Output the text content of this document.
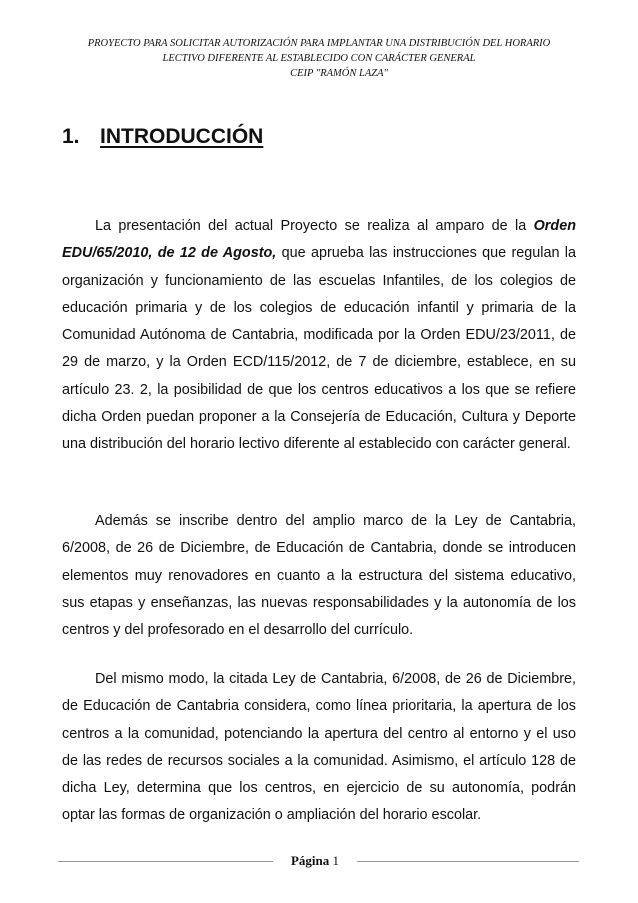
PROYECTO PARA SOLICITAR AUTORIZACIÓN PARA IMPLANTAR UNA DISTRIBUCIÓN DEL HORARIO
LECTIVO DIFERENTE AL ESTABLECIDO CON CARÁCTER GENERAL
CEIP "RAMÓN LAZA"
1. INTRODUCCIÓN

La presentación del actual Proyecto se realiza al amparo de la Orden EDU/65/2010, de 12 de Agosto, que aprueba las instrucciones que regulan la organización y funcionamiento de las escuelas Infantiles, de los colegios de educación primaria y de los colegios de educación infantil y primaria de la Comunidad Autónoma de Cantabria, modificada por la Orden EDU/23/2011, de 29 de marzo, y la Orden ECD/115/2012, de 7 de diciembre, establece, en su artículo 23. 2, la posibilidad de que los centros educativos a los que se refiere dicha Orden puedan proponer a la Consejería de Educación, Cultura y Deporte una distribución del horario lectivo diferente al establecido con carácter general.

Además se inscribe dentro del amplio marco de la Ley de Cantabria, 6/2008, de 26 de Diciembre, de Educación de Cantabria, donde se introducen elementos muy renovadores en cuanto a la estructura del sistema educativo, sus etapas y enseñanzas, las nuevas responsabilidades y la autonomía de los centros y del profesorado en el desarrollo del currículo.

Del mismo modo, la citada Ley de Cantabria, 6/2008, de 26 de Diciembre, de Educación de Cantabria considera, como línea prioritaria, la apertura de los centros a la comunidad, potenciando la apertura del centro al entorno y el uso de las redes de recursos sociales a la comunidad. Asimismo, el artículo 128 de dicha Ley, determina que los centros, en ejercicio de su autonomía, podrán optar las formas de organización o ampliación del horario escolar.

Página 1
